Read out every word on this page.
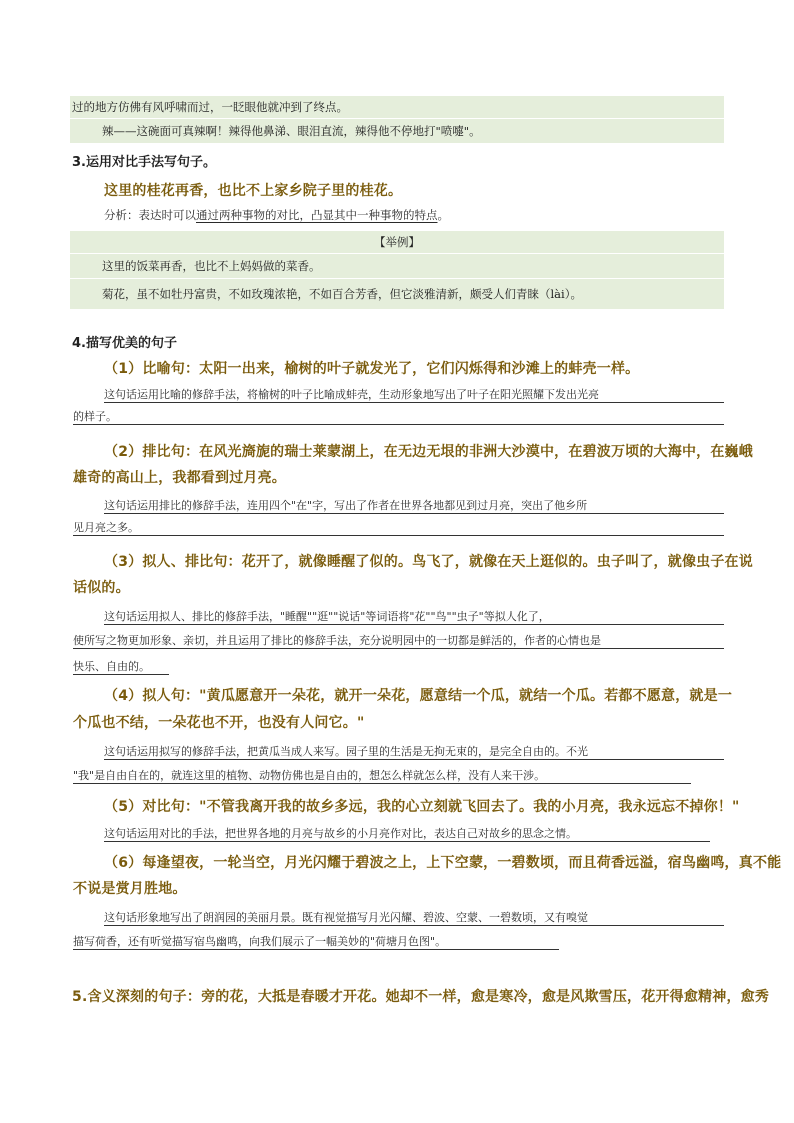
过的地方仿佛有风呼啸而过，一眨眼他就冲到了终点。
辣——这碗面可真辣啊！辣得他鼻涕、眼泪直流，辣得他不停地打"喷嚏"。
3.运用对比手法写句子。
这里的桂花再香，也比不上家乡院子里的桂花。
分析：表达时可以通过两种事物的对比，凸显其中一种事物的特点。
【举例】
这里的饭菜再香，也比不上妈妈做的菜香。
菊花，虽不如牡丹富贵，不如玫瑰浓艳，不如百合芳香，但它淡雅清新，颇受人们青睐（lài）。
4.描写优美的句子
（1）比喻句：太阳一出来，榆树的叶子就发光了，它们闪烁得和沙滩上的蚌壳一样。
这句话运用比喻的修辞手法，将榆树的叶子比喻成蚌壳，生动形象地写出了叶子在阳光照耀下发出光亮
的样子。
（2）排比句：在风光旖旎的瑞士莱蒙湖上，在无边无垠的非洲大沙漠中，在碧波万顷的大海中，在巍峨
雄奇的高山上，我都看到过月亮。
这句话运用排比的修辞手法，连用四个"在"字，写出了作者在世界各地都见到过月亮，突出了他乡所
见月亮之多。
（3）拟人、排比句：花开了，就像睡醒了似的。鸟飞了，就像在天上逛似的。虫子叫了，就像虫子在说
话似的。
这句话运用拟人、排比的修辞手法，"睡醒""逛""说话"等词语将"花""鸟""虫子"等拟人化了，
使所写之物更加形象、亲切，并且运用了排比的修辞手法，充分说明园中的一切都是鲜活的，作者的心情也是
快乐、自由的。
（4）拟人句："黄瓜愿意开一朵花，就开一朵花，愿意结一个瓜，就结一个瓜。若都不愿意，就是一
个瓜也不结，一朵花也不开，也没有人问它。"
这句话运用拟写的修辞手法，把黄瓜当成人来写。园子里的生活是无拘无束的，是完全自由的。不光
"我"是自由自在的，就连这里的植物、动物仿佛也是自由的，想怎么样就怎么样，没有人来干涉。
（5）对比句："不管我离开我的故乡多远，我的心立刻就飞回去了。我的小月亮，我永远忘不掉你！"
这句话运用对比的手法，把世界各地的月亮与故乡的小月亮作对比，表达自己对故乡的思念之情。
（6）每逢望夜，一轮当空，月光闪耀于碧波之上，上下空蒙，一碧数顷，而且荷香远溢，宿鸟幽鸣，真不能
不说是赏月胜地。
这句话形象地写出了朗润园的美丽月景。既有视觉描写月光闪耀、碧波、空蒙、一碧数顷，又有嗅觉
描写荷香，还有听觉描写宿鸟幽鸣，向我们展示了一幅美妙的"荷塘月色图"。
5.含义深刻的句子：旁的花，大抵是春暖才开花。她却不一样，愈是寒冷，愈是风欺雪压，花开得愈精神，愈秀
